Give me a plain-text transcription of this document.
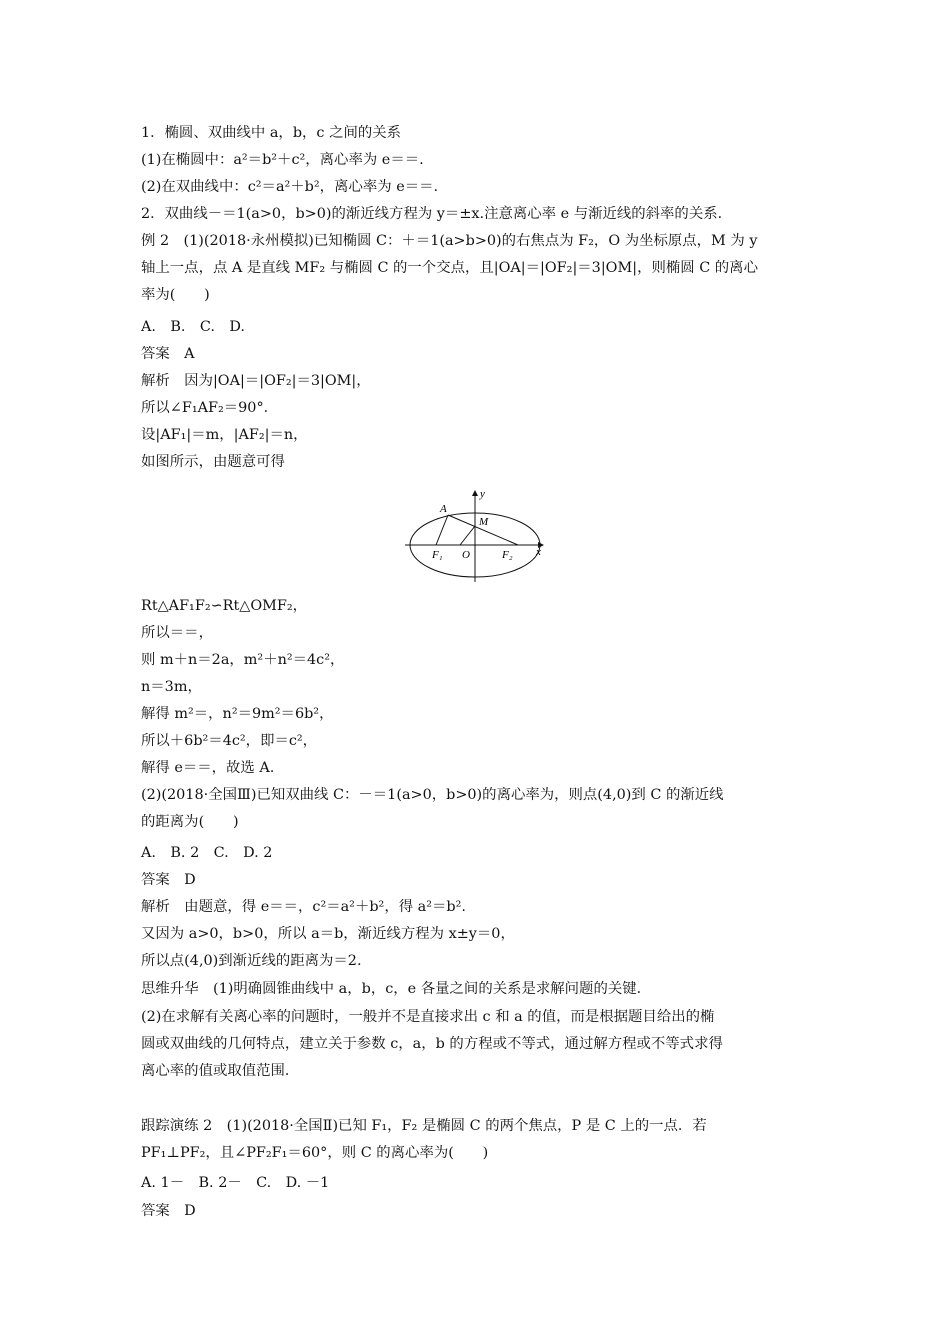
1．椭圆、双曲线中 a，b，c 之间的关系
(1)在椭圆中：a²＝b²＋c²，离心率为 e＝＝.
(2)在双曲线中：c²＝a²＋b²，离心率为 e＝＝.
2．双曲线－＝1(a>0，b>0)的渐近线方程为 y＝±x.注意离心率 e 与渐近线的斜率的关系．
例 2　(1)(2018·永州模拟)已知椭圆 C：＋＝1(a>b>0)的右焦点为 F₂，O 为坐标原点，M 为 y
轴上一点，点 A 是直线 MF₂ 与椭圆 C 的一个交点，且|OA|＝|OF₂|＝3|OM|，则椭圆 C 的离心
率为(　　)
A.　B.　C.　D.
答案　A
解析　因为|OA|＝|OF₂|＝3|OM|，
所以∠F₁AF₂＝90°．
设|AF₁|＝m，|AF₂|＝n，
如图所示，由题意可得
A
M
O
F₁	F₂ x
y
Rt△AF₁F₂∽Rt△OMF₂，
所以＝＝，
则 m＋n＝2a，m²＋n²＝4c²，
n＝3m，
解得 m²＝，n²＝9m²＝6b²，
所以＋6b²＝4c²，即＝c²，
解得 e＝＝，故选 A.
(2)(2018·全国Ⅲ)已知双曲线 C：－＝1(a>0，b>0)的离心率为，则点(4,0)到 C 的渐近线
的距离为(　　)
A.　B. 2　C.　D. 2
答案　D
解析　由题意，得 e＝＝，c²＝a²＋b²，得 a²＝b².
又因为 a>0，b>0，所以 a＝b，渐近线方程为 x±y＝0，
所以点(4,0)到渐近线的距离为＝2.
思维升华　(1)明确圆锥曲线中 a，b，c，e 各量之间的关系是求解问题的关键．
(2)在求解有关离心率的问题时，一般并不是直接求出 c 和 a 的值，而是根据题目给出的椭
圆或双曲线的几何特点，建立关于参数 c，a，b 的方程或不等式，通过解方程或不等式求得
离心率的值或取值范围．
跟踪演练 2　(1)(2018·全国Ⅱ)已知 F₁，F₂ 是椭圆 C 的两个焦点，P 是 C 上的一点．若
PF₁⊥PF₂，且∠PF₂F₁＝60°，则 C 的离心率为(　　)
A. 1－　B. 2－　C.　D. －1
答案　D
